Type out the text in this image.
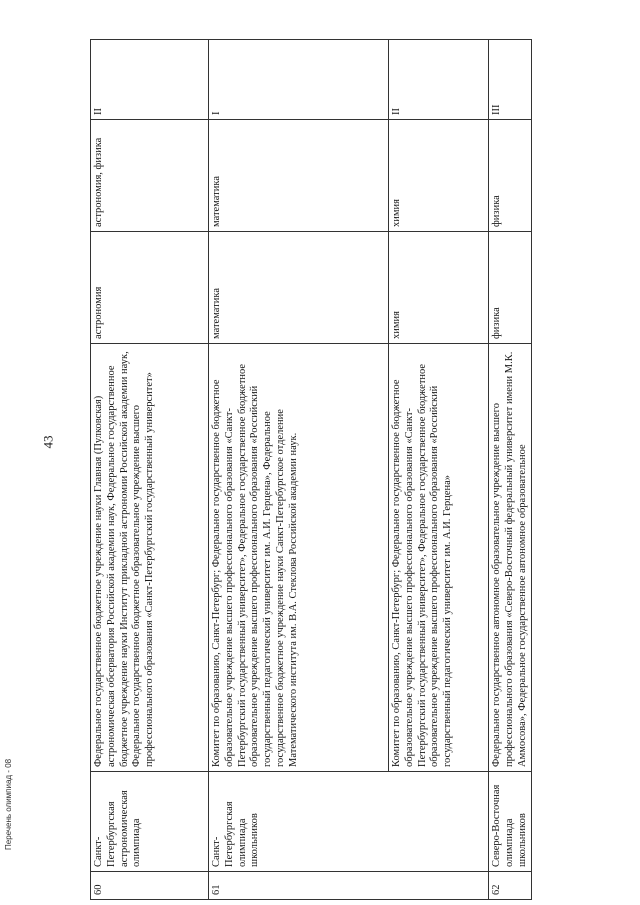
43
60	Санкт-Петербургская астрономическая олимпиада	Федеральное государственное бюджетное учреждение науки Главная (Пулковская) астрономическая обсерватория Российской академии наук, Федеральное государственное бюджетное учреждение науки Институт прикладной астрономии Российской академии наук, Федеральное государственное бюджетное образовательное учреждение высшего профессионального образования «Санкт-Петербургский государственный университет»	астрономия	астрономия, физика	II
61	Санкт-Петербургская олимпиада школьников	Комитет по образованию, Санкт-Петербург; Федеральное государственное бюджетное образовательное учреждение высшего профессионального образования «Санкт-Петербургский государственный университет», Федеральное государственное бюджетное образовательное учреждение высшего профессионального образования «Российский государственный педагогический университет им. А.И. Герцена», Федеральное государственное бюджетное учреждение науки Санкт-Петербургское отделение Математического института им. В.А. Стеклова Российской академии наук.	математика	математика	I
		Комитет по образованию, Санкт-Петербург; Федеральное государственное бюджетное образовательное учреждение высшего профессионального образования «Санкт-Петербургский государственный университет», Федеральное государственное бюджетное образовательное учреждение высшего профессионального образования «Российский государственный педагогический университет им. А.И. Герцена»	химия	химия	II
62	Северо-Восточная олимпиада школьников	Федеральное государственное автономное образовательное учреждение высшего профессионального образования «Северо-Восточный федеральный университет имени М.К. Аммосова», Федеральное государственное автономное образовательное	физика	физика	III
Перечень олимпиад - 08
